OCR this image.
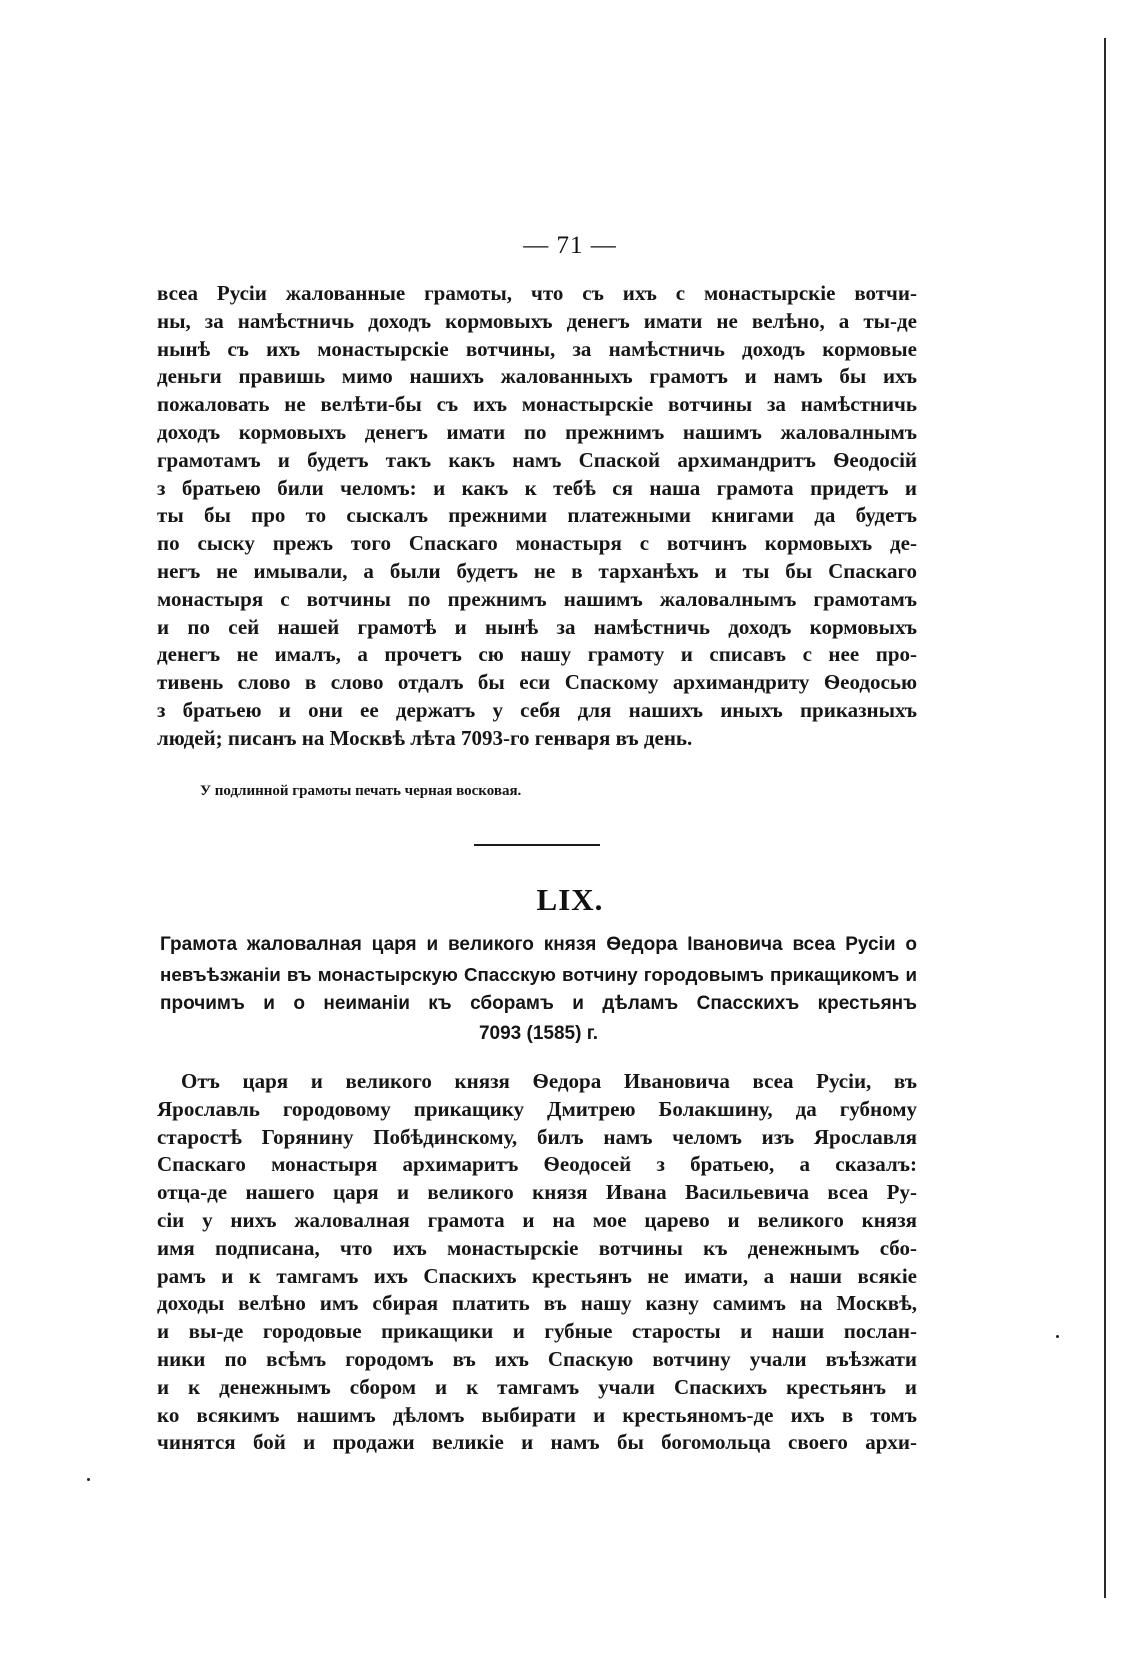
— 71 —
всеа Русiи жалованные грамоты, что съ ихъ с монастырскiе вотчи-
ны, за намѣстничь доходъ кормовыхъ денегъ имати не велѣно, а ты-де
нынѣ съ ихъ монастырскiе вотчины, за намѣстничь доходъ кормовые
деньги правишь мимо нашихъ жалованныхъ грамотъ и намъ бы ихъ
пожаловать не велѣти-бы съ ихъ монастырскiе вотчины за намѣстничь
доходъ кормовыхъ денегъ имати по прежнимъ нашимъ жаловалнымъ
грамотамъ и будетъ такъ какъ намъ Спаской архимандритъ Ѳеодосiй
з братьею били челомъ: и какъ к тебѣ ся наша грамота придетъ и
ты бы про то сыскалъ прежними платежными книгами да будетъ
по сыску прежъ того Спаскаго монастыря с вотчинъ кормовыхъ де-
негъ не имывали, а были будетъ не в тарханѣхъ и ты бы Спаскаго
монастыря с вотчины по прежнимъ нашимъ жаловалнымъ грамотамъ
и по сей нашей грамотѣ и нынѣ за намѣстничь доходъ кормовыхъ
денегъ не ималъ, а прочетъ сю нашу грамоту и списавъ с нее про-
тивень слово в слово отдалъ бы еси Спаскому архимандриту Ѳеодосью
з братьею и они ее держатъ у себя для нашихъ иныхъ приказныхъ
людей; писанъ на Москвѣ лѣта 7093-го генваря въ день.
У подлинной грамоты печать черная восковая.
LIX.
Грамота жаловалная царя и великого князя Ѳедора Iвановича всеа Русiи о
невъѣзжанiи въ монастырскую Спасскую вотчину городовымъ прикащикомъ и
прочимъ и о неиманiи къ сборамъ и дѣламъ Спасскихъ крестьянъ
7093 (1585) г.
Отъ царя и великого князя Ѳедора Ивановича всеа Русiи, въ
Ярославль городовому прикащику Дмитрею Болакшину, да губному
старостѣ Горянину Побѣдинскому, билъ намъ челомъ изъ Ярославля
Спаскаго монастыря архимаритъ Ѳеодосей з братьею, а сказалъ:
отца-де нашего царя и великого князя Ивана Васильевича всеа Ру-
сiи у нихъ жаловалная грамота и на мое царево и великого князя
имя подписана, что ихъ монастырскiе вотчины къ денежнымъ сбо-
рамъ и к тамгамъ ихъ Спаскихъ крестьянъ не имати, а наши всякiе
доходы велѣно имъ сбирая платить въ нашу казну самимъ на Москвѣ,
и вы-де городовые прикащики и губные старосты и наши послан-
ники по всѣмъ городомъ въ ихъ Спаскую вотчину учали въѣзжати
и к денежнымъ сбором и к тамгамъ учали Спаскихъ крестьянъ и
ко всякимъ нашимъ дѣломъ выбирати и крестьяномъ-де ихъ в томъ
чинятся бой и продажи великiе и намъ бы богомольца своего архи-
